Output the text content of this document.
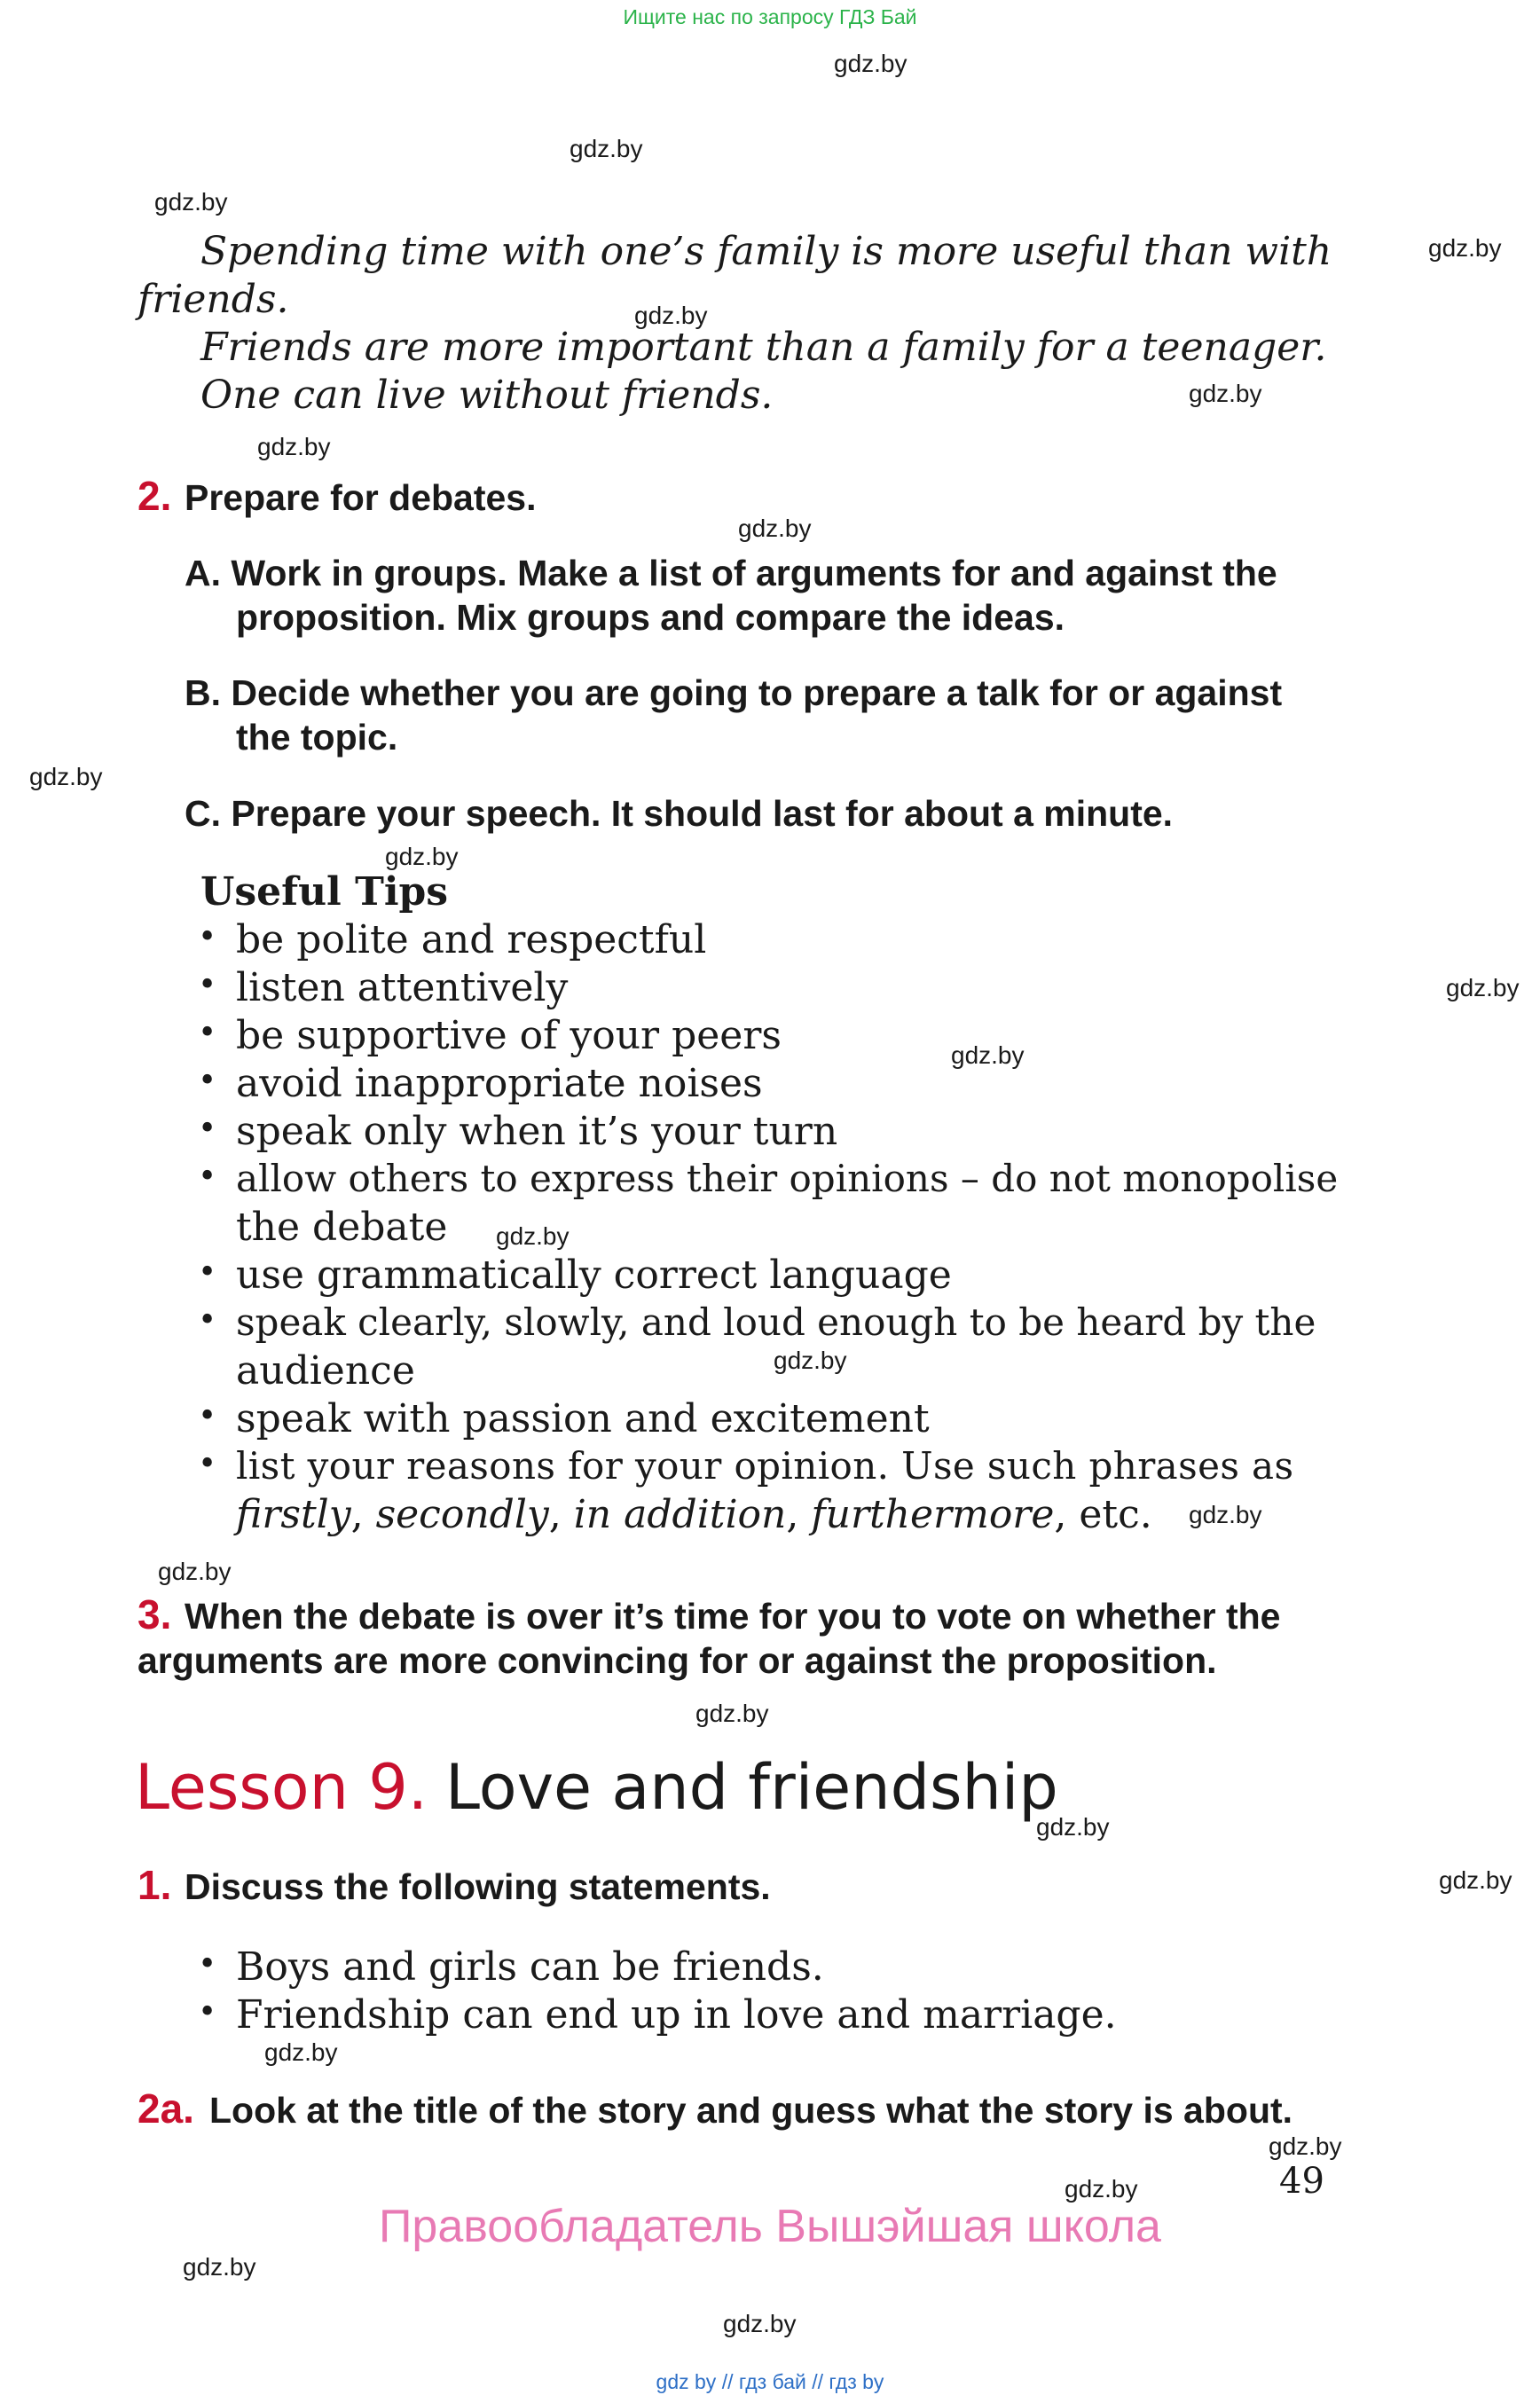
Ищите нас по запросу ГДЗ Бай
gdz.by
gdz.by
gdz.by
gdz.by
gdz.by
gdz.by
gdz.by
gdz.by
gdz.by
gdz.by
gdz.by
gdz.by
gdz.by
gdz.by
gdz.by
gdz.by
gdz.by
gdz.by
gdz.by
gdz.by
gdz.by
gdz.by
gdz.by
gdz.by
Spending time with one’s family is more useful than with
friends.
Friends are more important than a family for a teenager.
One can live without friends.
2. Prepare for debates.
A. Work in groups. Make a list of arguments for and against the
proposition. Mix groups and compare the ideas.
B. Decide whether you are going to prepare a talk for or against
the topic.
C. Prepare your speech. It should last for about a minute.
Useful Tips
• be polite and respectful
• listen attentively
• be supportive of your peers
• avoid inappropriate noises
• speak only when it’s your turn
• allow others to express their opinions – do not monopolise
the debate
• use grammatically correct language
• speak clearly, slowly, and loud enough to be heard by the
audience
• speak with passion and excitement
• list your reasons for your opinion. Use such phrases as
firstly, secondly, in addition, furthermore, etc.
3. When the debate is over it’s time for you to vote on whether the
arguments are more convincing for or against the proposition.
Lesson 9. Love and friendship
1. Discuss the following statements.
• Boys and girls can be friends.
• Friendship can end up in love and marriage.
2a. Look at the title of the story and guess what the story is about.
49
Правообладатель Вышэйшая школа
gdz by // гдз бай // гдз by
